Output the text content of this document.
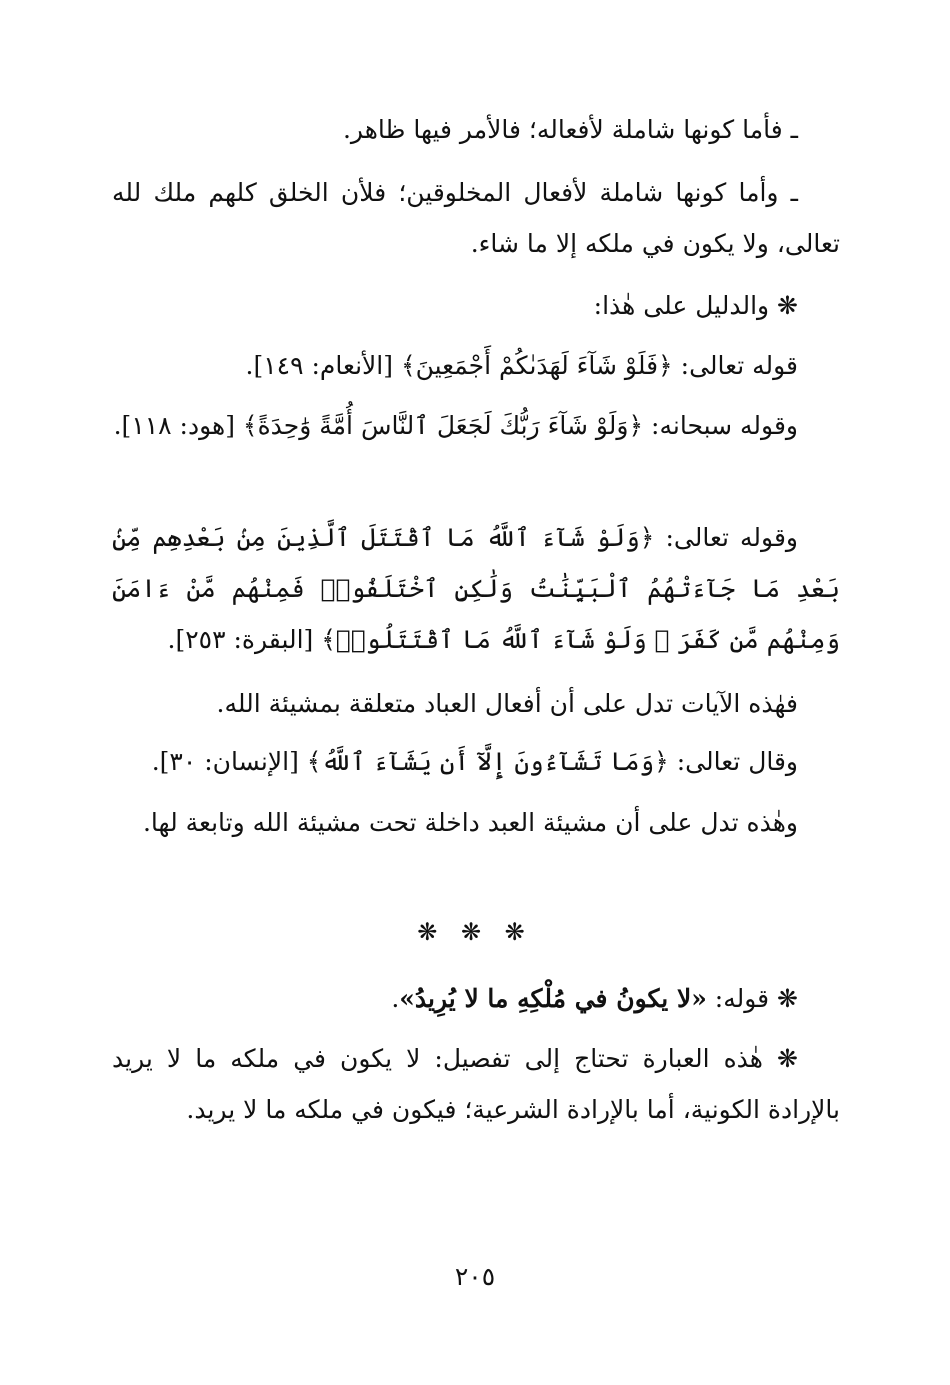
ـ فأما كونها شاملة لأفعاله؛ فالأمر فيها ظاهر.

ـ وأما كونها شاملة لأفعال المخلوقين؛ فلأن الخلق كلهم ملك لله تعالى، ولا يكون في ملكه إلا ما شاء.

❋ والدليل على هٰذا:

قوله تعالى: ﴿فَلَوْ شَآءَ لَهَدَىٰكُمْ أَجْمَعِينَ﴾ [الأنعام: ١٤٩].

وقوله سبحانه: ﴿وَلَوْ شَآءَ رَبُّكَ لَجَعَلَ ٱلنَّاسَ أُمَّةً وَٰحِدَةً﴾ [هود: ١١٨].

وقوله تعالى: ﴿وَلَوْ شَآءَ ٱللَّهُ مَا ٱقْتَتَلَ ٱلَّذِينَ مِنۢ بَعْدِهِم مِّنۢ بَعْدِ مَا جَآءَتْهُمُ ٱلْبَيِّنَٰتُ وَلَٰكِنِ ٱخْتَلَفُوا۟ فَمِنْهُم مَّنْ ءَامَنَ وَمِنْهُم مَّن كَفَرَ ۚ وَلَوْ شَآءَ ٱللَّهُ مَا ٱقْتَتَلُوا۟﴾ [البقرة: ٢٥٣].

فهٰذه الآيات تدل على أن أفعال العباد متعلقة بمشيئة الله.

وقال تعالى: ﴿وَمَا تَشَآءُونَ إِلَّآ أَن يَشَآءَ ٱللَّهُ﴾ [الإنسان: ٣٠].

وهٰذه تدل على أن مشيئة العبد داخلة تحت مشيئة الله وتابعة لها.

❋ ❋ ❋

❋ قوله: «لا يكونُ في مُلْكِهِ ما لا يُرِيدُ».

❋ هٰذه العبارة تحتاج إلى تفصيل: لا يكون في ملكه ما لا يريد بالإرادة الكونية، أما بالإرادة الشرعية؛ فيكون في ملكه ما لا يريد.

٢٠٥
